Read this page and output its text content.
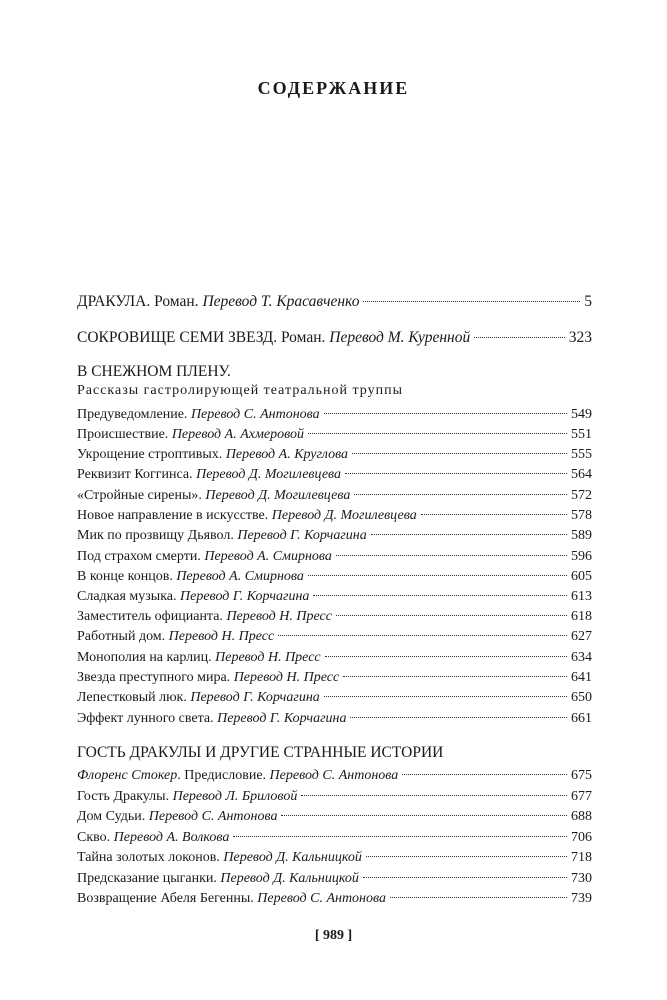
СОДЕРЖАНИЕ
ДРАКУЛА. Роман. Перевод Т. Красавченко	5
СОКРОВИЩЕ СЕМИ ЗВЕЗД. Роман. Перевод М. Куренной	323
В СНЕЖНОМ ПЛЕНУ.
Рассказы гастролирующей театральной труппы
Предуведомление. Перевод С. Антонова	549
Происшествие. Перевод А. Ахмеровой	551
Укрощение строптивых. Перевод А. Круглова	555
Реквизит Коггинса. Перевод Д. Могилевцева	564
«Стройные сирены». Перевод Д. Могилевцева	572
Новое направление в искусстве. Перевод Д. Могилевцева	578
Мик по прозвищу Дьявол. Перевод Г. Корчагина	589
Под страхом смерти. Перевод А. Смирнова	596
В конце концов. Перевод А. Смирнова	605
Сладкая музыка. Перевод Г. Корчагина	613
Заместитель официанта. Перевод Н. Пресс	618
Работный дом. Перевод Н. Пресс	627
Монополия на карлиц. Перевод Н. Пресс	634
Звезда преступного мира. Перевод Н. Пресс	641
Лепестковый люк. Перевод Г. Корчагина	650
Эффект лунного света. Перевод Г. Корчагина	661
ГОСТЬ ДРАКУЛЫ И ДРУГИЕ СТРАННЫЕ ИСТОРИИ
Флоренс Стокер. Предисловие. Перевод С. Антонова	675
Гость Дракулы. Перевод Л. Бриловой	677
Дом Судьи. Перевод С. Антонова	688
Скво. Перевод А. Волкова	706
Тайна золотых локонов. Перевод Д. Кальницкой	718
Предсказание цыганки. Перевод Д. Кальницкой	730
Возвращение Абеля Бегенны. Перевод С. Антонова	739
[ 989 ]
